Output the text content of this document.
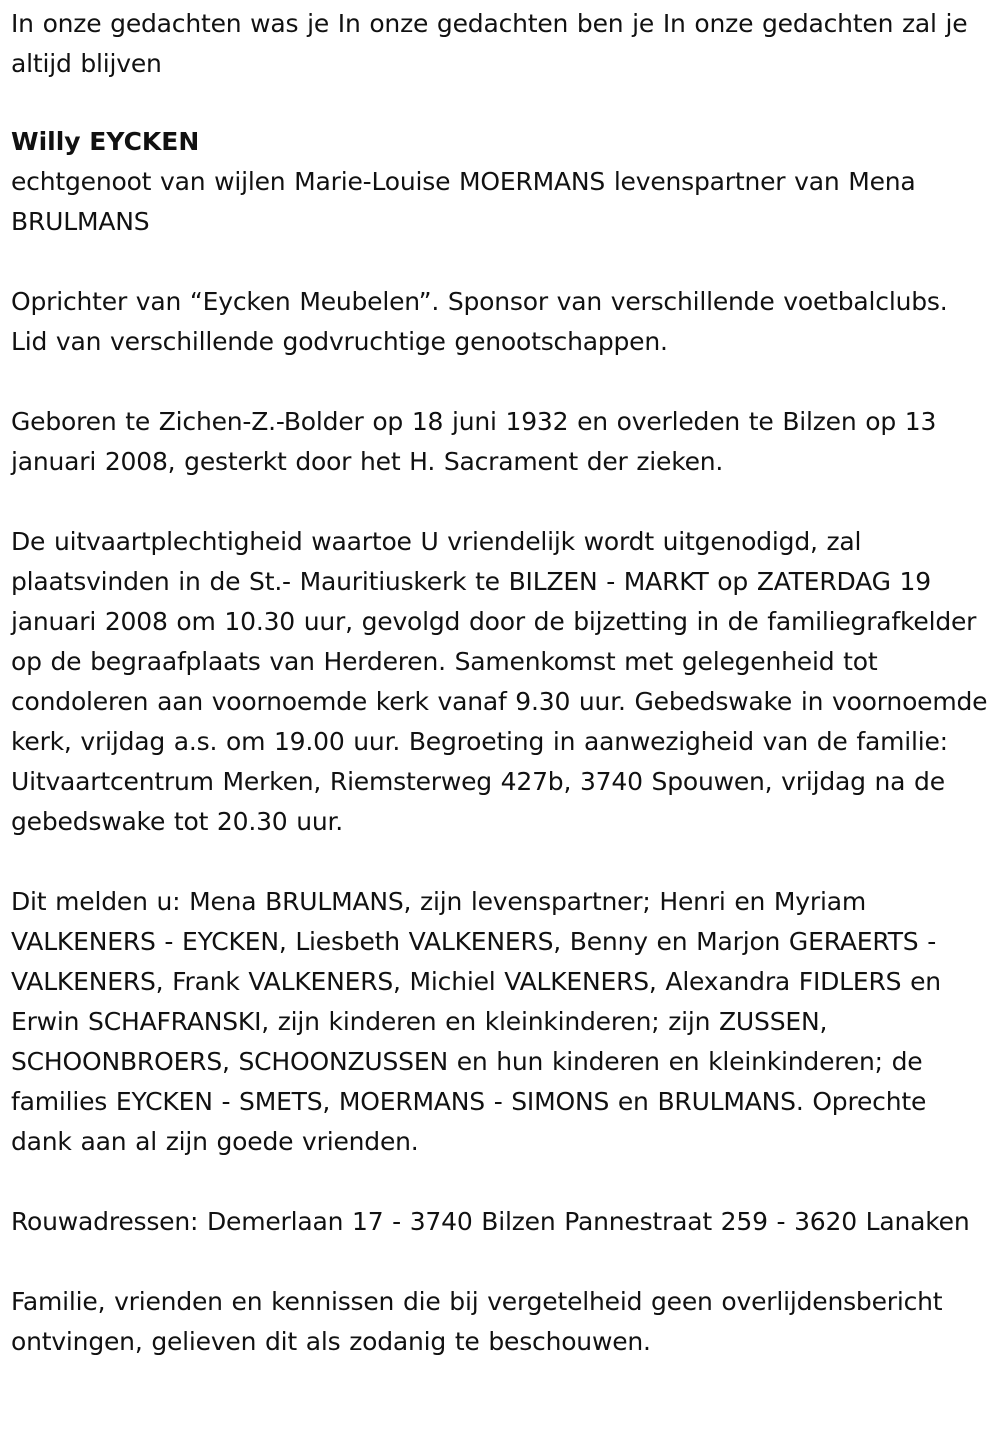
In onze gedachten was je In onze gedachten ben je In onze gedachten zal je altijd blijven

Willy EYCKEN

echtgenoot van wijlen Marie-Louise MOERMANS levenspartner van Mena BRULMANS

Oprichter van “Eycken Meubelen”. Sponsor van verschillende voetbalclubs. Lid van verschillende godvruchtige genootschappen.

Geboren te Zichen-Z.-Bolder op 18 juni 1932 en overleden te Bilzen op 13 januari 2008, gesterkt door het H. Sacrament der zieken.

De uitvaartplechtigheid waartoe U vriendelijk wordt uitgenodigd, zal plaatsvinden in de St.- Mauritiuskerk te BILZEN - MARKT op ZATERDAG 19 januari 2008 om 10.30 uur, gevolgd door de bijzetting in de familiegrafkelder op de begraafplaats van Herderen. Samenkomst met gelegenheid tot condoleren aan voornoemde kerk vanaf 9.30 uur. Gebedswake in voornoemde kerk, vrijdag a.s. om 19.00 uur. Begroeting in aanwezigheid van de familie: Uitvaartcentrum Merken, Riemsterweg 427b, 3740 Spouwen, vrijdag na de gebedswake tot 20.30 uur.

Dit melden u: Mena BRULMANS, zijn levenspartner; Henri en Myriam VALKENERS - EYCKEN, Liesbeth VALKENERS, Benny en Marjon GERAERTS - VALKENERS, Frank VALKENERS, Michiel VALKENERS, Alexandra FIDLERS en Erwin SCHAFRANSKI, zijn kinderen en kleinkinderen; zijn ZUSSEN, SCHOONBROERS, SCHOONZUSSEN en hun kinderen en kleinkinderen; de families EYCKEN - SMETS, MOERMANS - SIMONS en BRULMANS. Oprechte dank aan al zijn goede vrienden.

Rouwadressen: Demerlaan 17 - 3740 Bilzen Pannestraat 259 - 3620 Lanaken

Familie, vrienden en kennissen die bij vergetelheid geen overlijdensbericht ontvingen, gelieven dit als zodanig te beschouwen.
